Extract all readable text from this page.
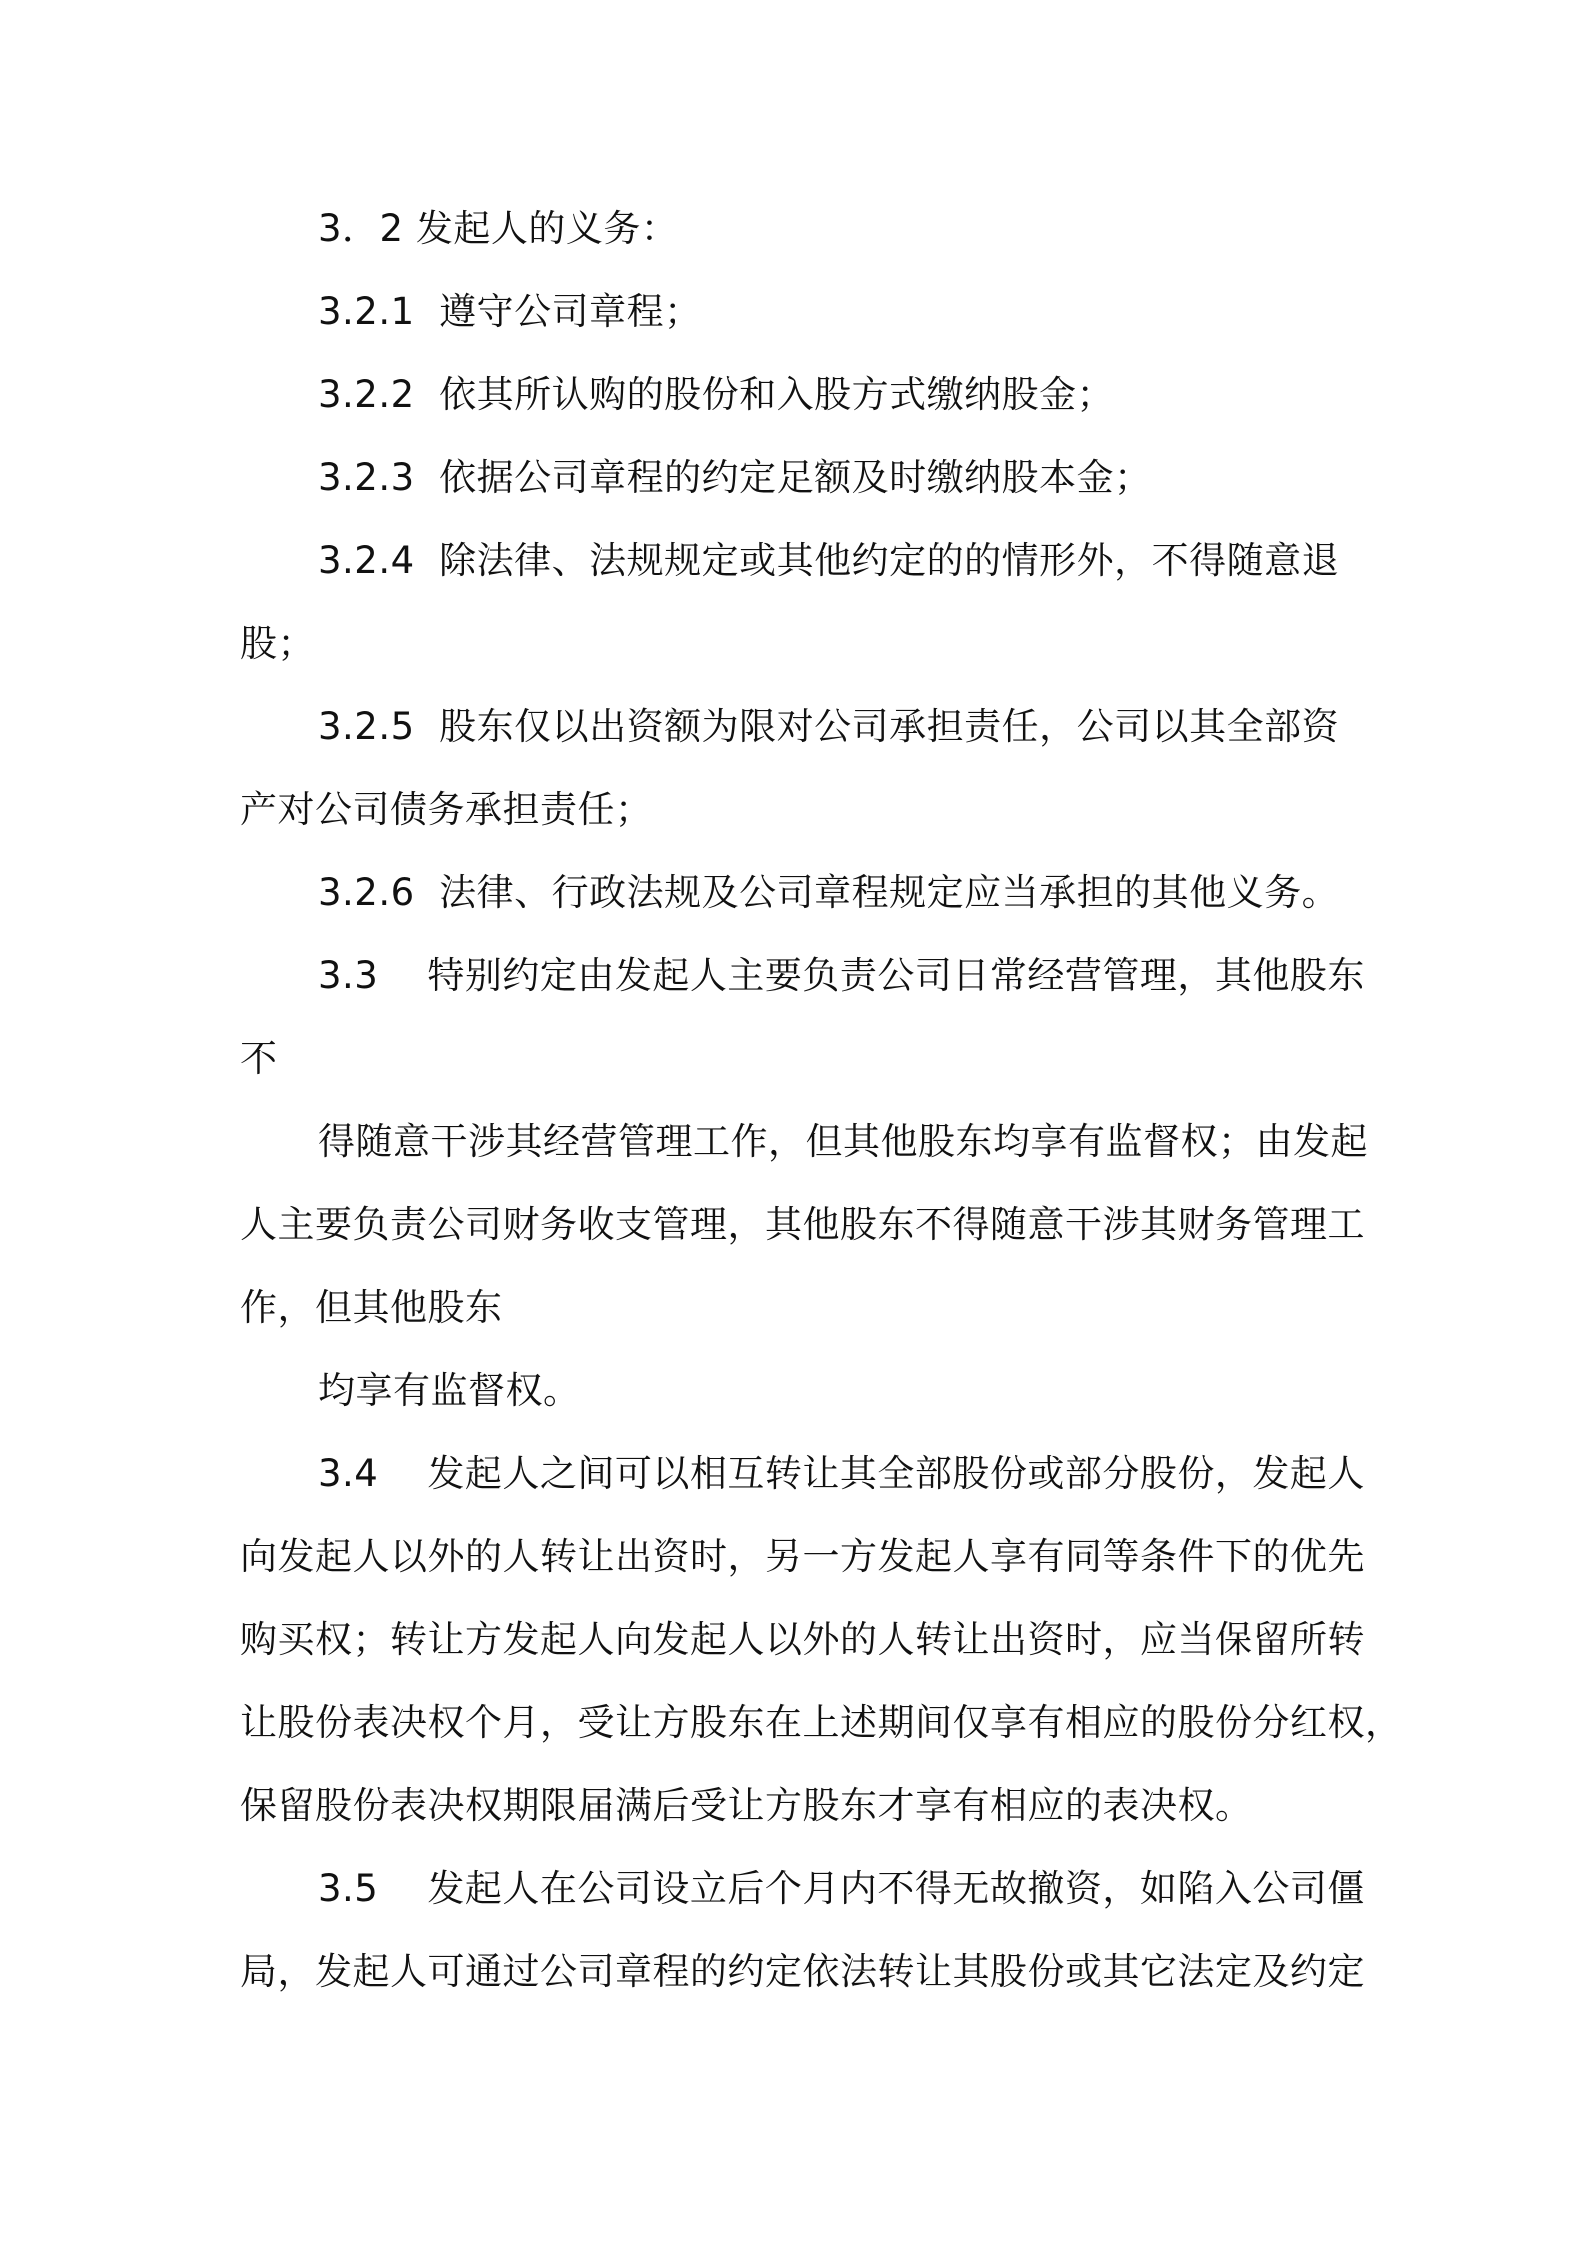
3．2 发起人的义务：
3.2.1  遵守公司章程；
3.2.2  依其所认购的股份和入股方式缴纳股金；
3.2.3  依据公司章程的约定足额及时缴纳股本金；
3.2.4  除法律、法规规定或其他约定的的情形外，不得随意退
股；
3.2.5  股东仅以出资额为限对公司承担责任，公司以其全部资
产对公司债务承担责任；
3.2.6  法律、行政法规及公司章程规定应当承担的其他义务。
3.3    特别约定由发起人主要负责公司日常经营管理，其他股东
不
得随意干涉其经营管理工作，但其他股东均享有监督权；由发起
人主要负责公司财务收支管理，其他股东不得随意干涉其财务管理工
作，但其他股东
均享有监督权。
3.4    发起人之间可以相互转让其全部股份或部分股份，发起人
向发起人以外的人转让出资时，另一方发起人享有同等条件下的优先
购买权；转让方发起人向发起人以外的人转让出资时，应当保留所转
让股份表决权个月，受让方股东在上述期间仅享有相应的股份分红权，
保留股份表决权期限届满后受让方股东才享有相应的表决权。
3.5    发起人在公司设立后个月内不得无故撤资，如陷入公司僵
局，发起人可通过公司章程的约定依法转让其股份或其它法定及约定
